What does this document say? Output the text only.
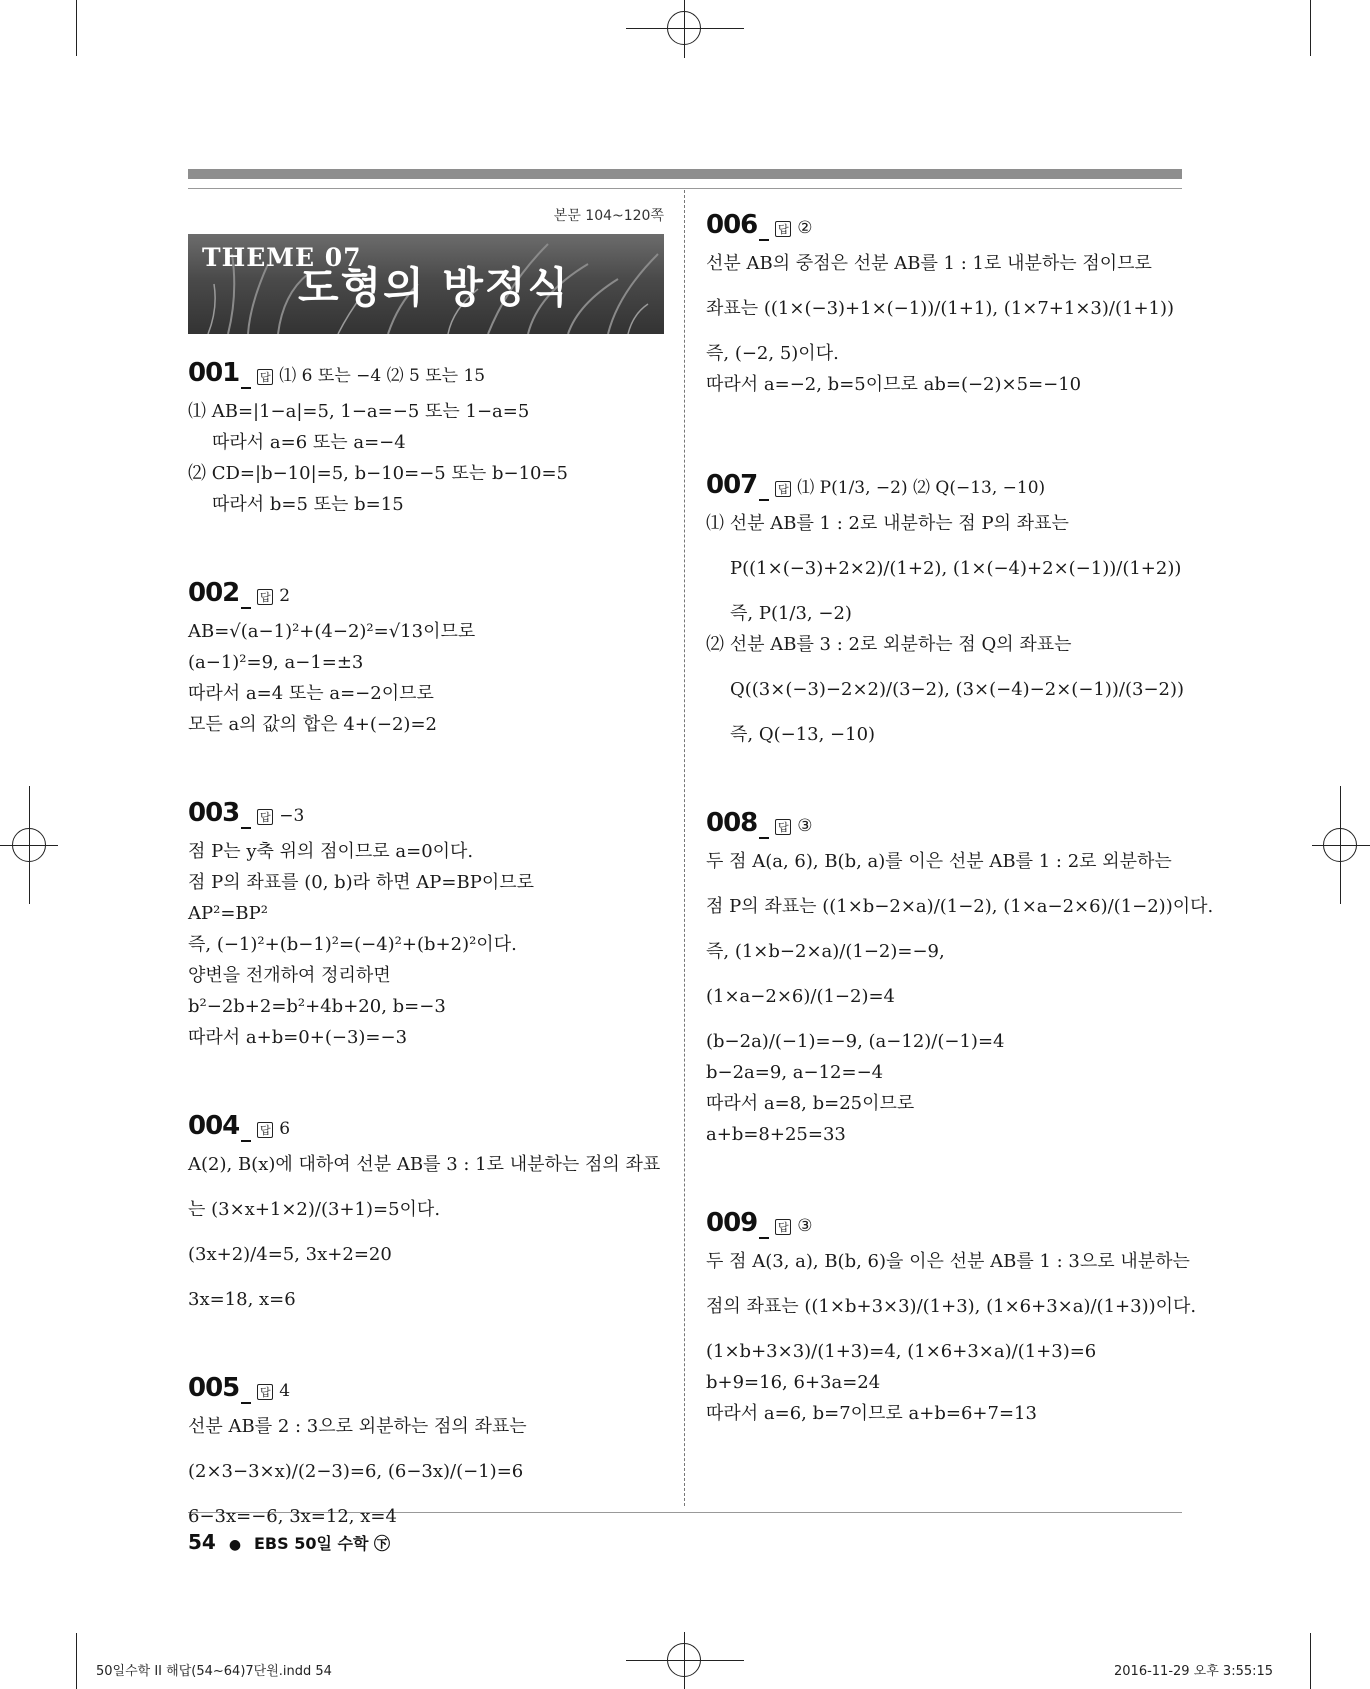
본문 104~120쪽
THEME 07
도형의 방정식
001	답 ⑴ 6 또는 −4 ⑵ 5 또는 15
⑴ AB=|1−a|=5, 1−a=−5 또는 1−a=5
따라서 a=6 또는 a=−4
⑵ CD=|b−10|=5, b−10=−5 또는 b−10=5
따라서 b=5 또는 b=15
002	답 2
AB=√(a−1)²+(4−2)²=√13이므로
(a−1)²=9, a−1=±3
따라서 a=4 또는 a=−2이므로
모든 a의 값의 합은 4+(−2)=2
003	답 −3
점 P는 y축 위의 점이므로 a=0이다.
점 P의 좌표를 (0, b)라 하면 AP=BP이므로
AP²=BP²
즉, (−1)²+(b−1)²=(−4)²+(b+2)²이다.
양변을 전개하여 정리하면
b²−2b+2=b²+4b+20, b=−3
따라서 a+b=0+(−3)=−3
004	답 6
A(2), B(x)에 대하여 선분 AB를 3 : 1로 내분하는 점의 좌표
는 (3×x+1×2)/(3+1)=5이다.
(3x+2)/4=5, 3x+2=20
3x=18, x=6
005	답 4
선분 AB를 2 : 3으로 외분하는 점의 좌표는
(2×3−3×x)/(2−3)=6, (6−3x)/(−1)=6
6−3x=−6, 3x=12, x=4
006	답 ②
선분 AB의 중점은 선분 AB를 1 : 1로 내분하는 점이므로
좌표는 ((1×(−3)+1×(−1))/(1+1), (1×7+1×3)/(1+1))
즉, (−2, 5)이다.
따라서 a=−2, b=5이므로 ab=(−2)×5=−10
007	답 ⑴ P(1/3, −2) ⑵ Q(−13, −10)
⑴ 선분 AB를 1 : 2로 내분하는 점 P의 좌표는
P((1×(−3)+2×2)/(1+2), (1×(−4)+2×(−1))/(1+2))
즉, P(1/3, −2)
⑵ 선분 AB를 3 : 2로 외분하는 점 Q의 좌표는
Q((3×(−3)−2×2)/(3−2), (3×(−4)−2×(−1))/(3−2))
즉, Q(−13, −10)
008	답 ③
두 점 A(a, 6), B(b, a)를 이은 선분 AB를 1 : 2로 외분하는
점 P의 좌표는 ((1×b−2×a)/(1−2), (1×a−2×6)/(1−2))이다.
즉, (1×b−2×a)/(1−2)=−9,
(1×a−2×6)/(1−2)=4
(b−2a)/(−1)=−9, (a−12)/(−1)=4
b−2a=9, a−12=−4
따라서 a=8, b=25이므로
a+b=8+25=33
009	답 ③
두 점 A(3, a), B(b, 6)을 이은 선분 AB를 1 : 3으로 내분하는
점의 좌표는 ((1×b+3×3)/(1+3), (1×6+3×a)/(1+3))이다.
(1×b+3×3)/(1+3)=4, (1×6+3×a)/(1+3)=6
b+9=16, 6+3a=24
따라서 a=6, b=7이므로 a+b=6+7=13
54 ● EBS 50일 수학 ㊦
50일수학 II 해답(54~64)7단원.indd 54	2016-11-29 오후 3:55:15
